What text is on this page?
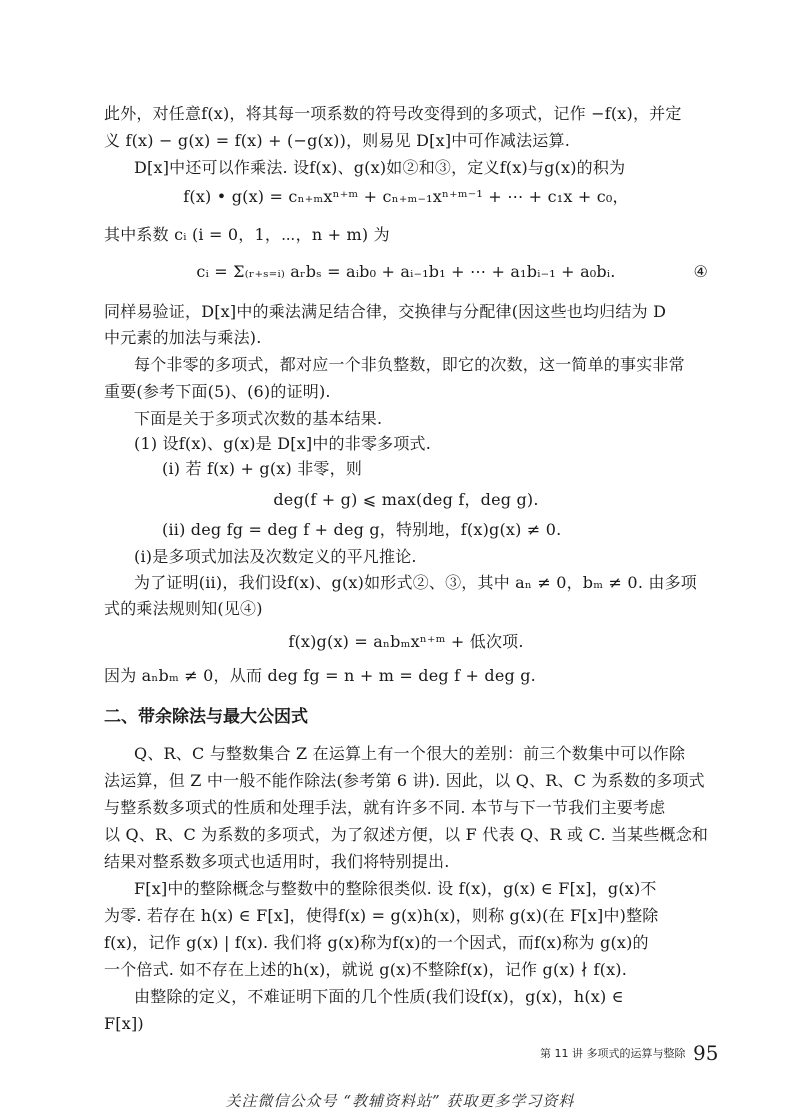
此外，对任意f(x)，将其每一项系数的符号改变得到的多项式，记作 −f(x)，并定
义 f(x) − g(x) = f(x) + (−g(x))，则易见 D[x]中可作减法运算.
D[x]中还可以作乘法. 设f(x)、g(x)如②和③，定义f(x)与g(x)的积为
f(x) • g(x) = cₙ₊ₘxⁿ⁺ᵐ + cₙ₊ₘ₋₁xⁿ⁺ᵐ⁻¹ + ⋯ + c₁x + c₀，
其中系数 cᵢ (i = 0，1，⋯，n + m) 为
cᵢ = Σ₍ᵣ₊ₛ₌ᵢ₎ aᵣbₛ = aᵢb₀ + aᵢ₋₁b₁ + ⋯ + a₁bᵢ₋₁ + a₀bᵢ.	④
同样易验证，D[x]中的乘法满足结合律，交换律与分配律(因这些也均归结为 D
中元素的加法与乘法).
每个非零的多项式，都对应一个非负整数，即它的次数，这一简单的事实非常
重要(参考下面(5)、(6)的证明).
下面是关于多项式次数的基本结果.
(1) 设f(x)、g(x)是 D[x]中的非零多项式.
(i) 若 f(x) + g(x) 非零，则
deg(f + g) ⩽ max(deg f，deg g).
(ii) deg fg = deg f + deg g，特别地，f(x)g(x) ≠ 0.
(i)是多项式加法及次数定义的平凡推论.
为了证明(ii)，我们设f(x)、g(x)如形式②、③，其中 aₙ ≠ 0，bₘ ≠ 0. 由多项
式的乘法规则知(见④)
f(x)g(x) = aₙbₘxⁿ⁺ᵐ + 低次项.
因为 aₙbₘ ≠ 0，从而 deg fg = n + m = deg f + deg g.
二、带余除法与最大公因式
Q、R、C 与整数集合 Z 在运算上有一个很大的差别：前三个数集中可以作除
法运算，但 Z 中一般不能作除法(参考第 6 讲). 因此，以 Q、R、C 为系数的多项式
与整系数多项式的性质和处理手法，就有许多不同. 本节与下一节我们主要考虑
以 Q、R、C 为系数的多项式，为了叙述方便，以 F 代表 Q、R 或 C. 当某些概念和
结果对整系数多项式也适用时，我们将特别提出.
F[x]中的整除概念与整数中的整除很类似. 设 f(x)，g(x) ∈ F[x]，g(x)不
为零. 若存在 h(x) ∈ F[x]，使得f(x) = g(x)h(x)，则称 g(x)(在 F[x]中)整除
f(x)，记作 g(x) | f(x). 我们将 g(x)称为f(x)的一个因式，而f(x)称为 g(x)的
一个倍式. 如不存在上述的h(x)，就说 g(x)不整除f(x)，记作 g(x) ∤ f(x).
由整除的定义，不难证明下面的几个性质(我们设f(x)，g(x)，h(x) ∈
F[x])
第 11 讲 多项式的运算与整除 95
关注微信公众号 “教辅资料站” 获取更多学习资料
